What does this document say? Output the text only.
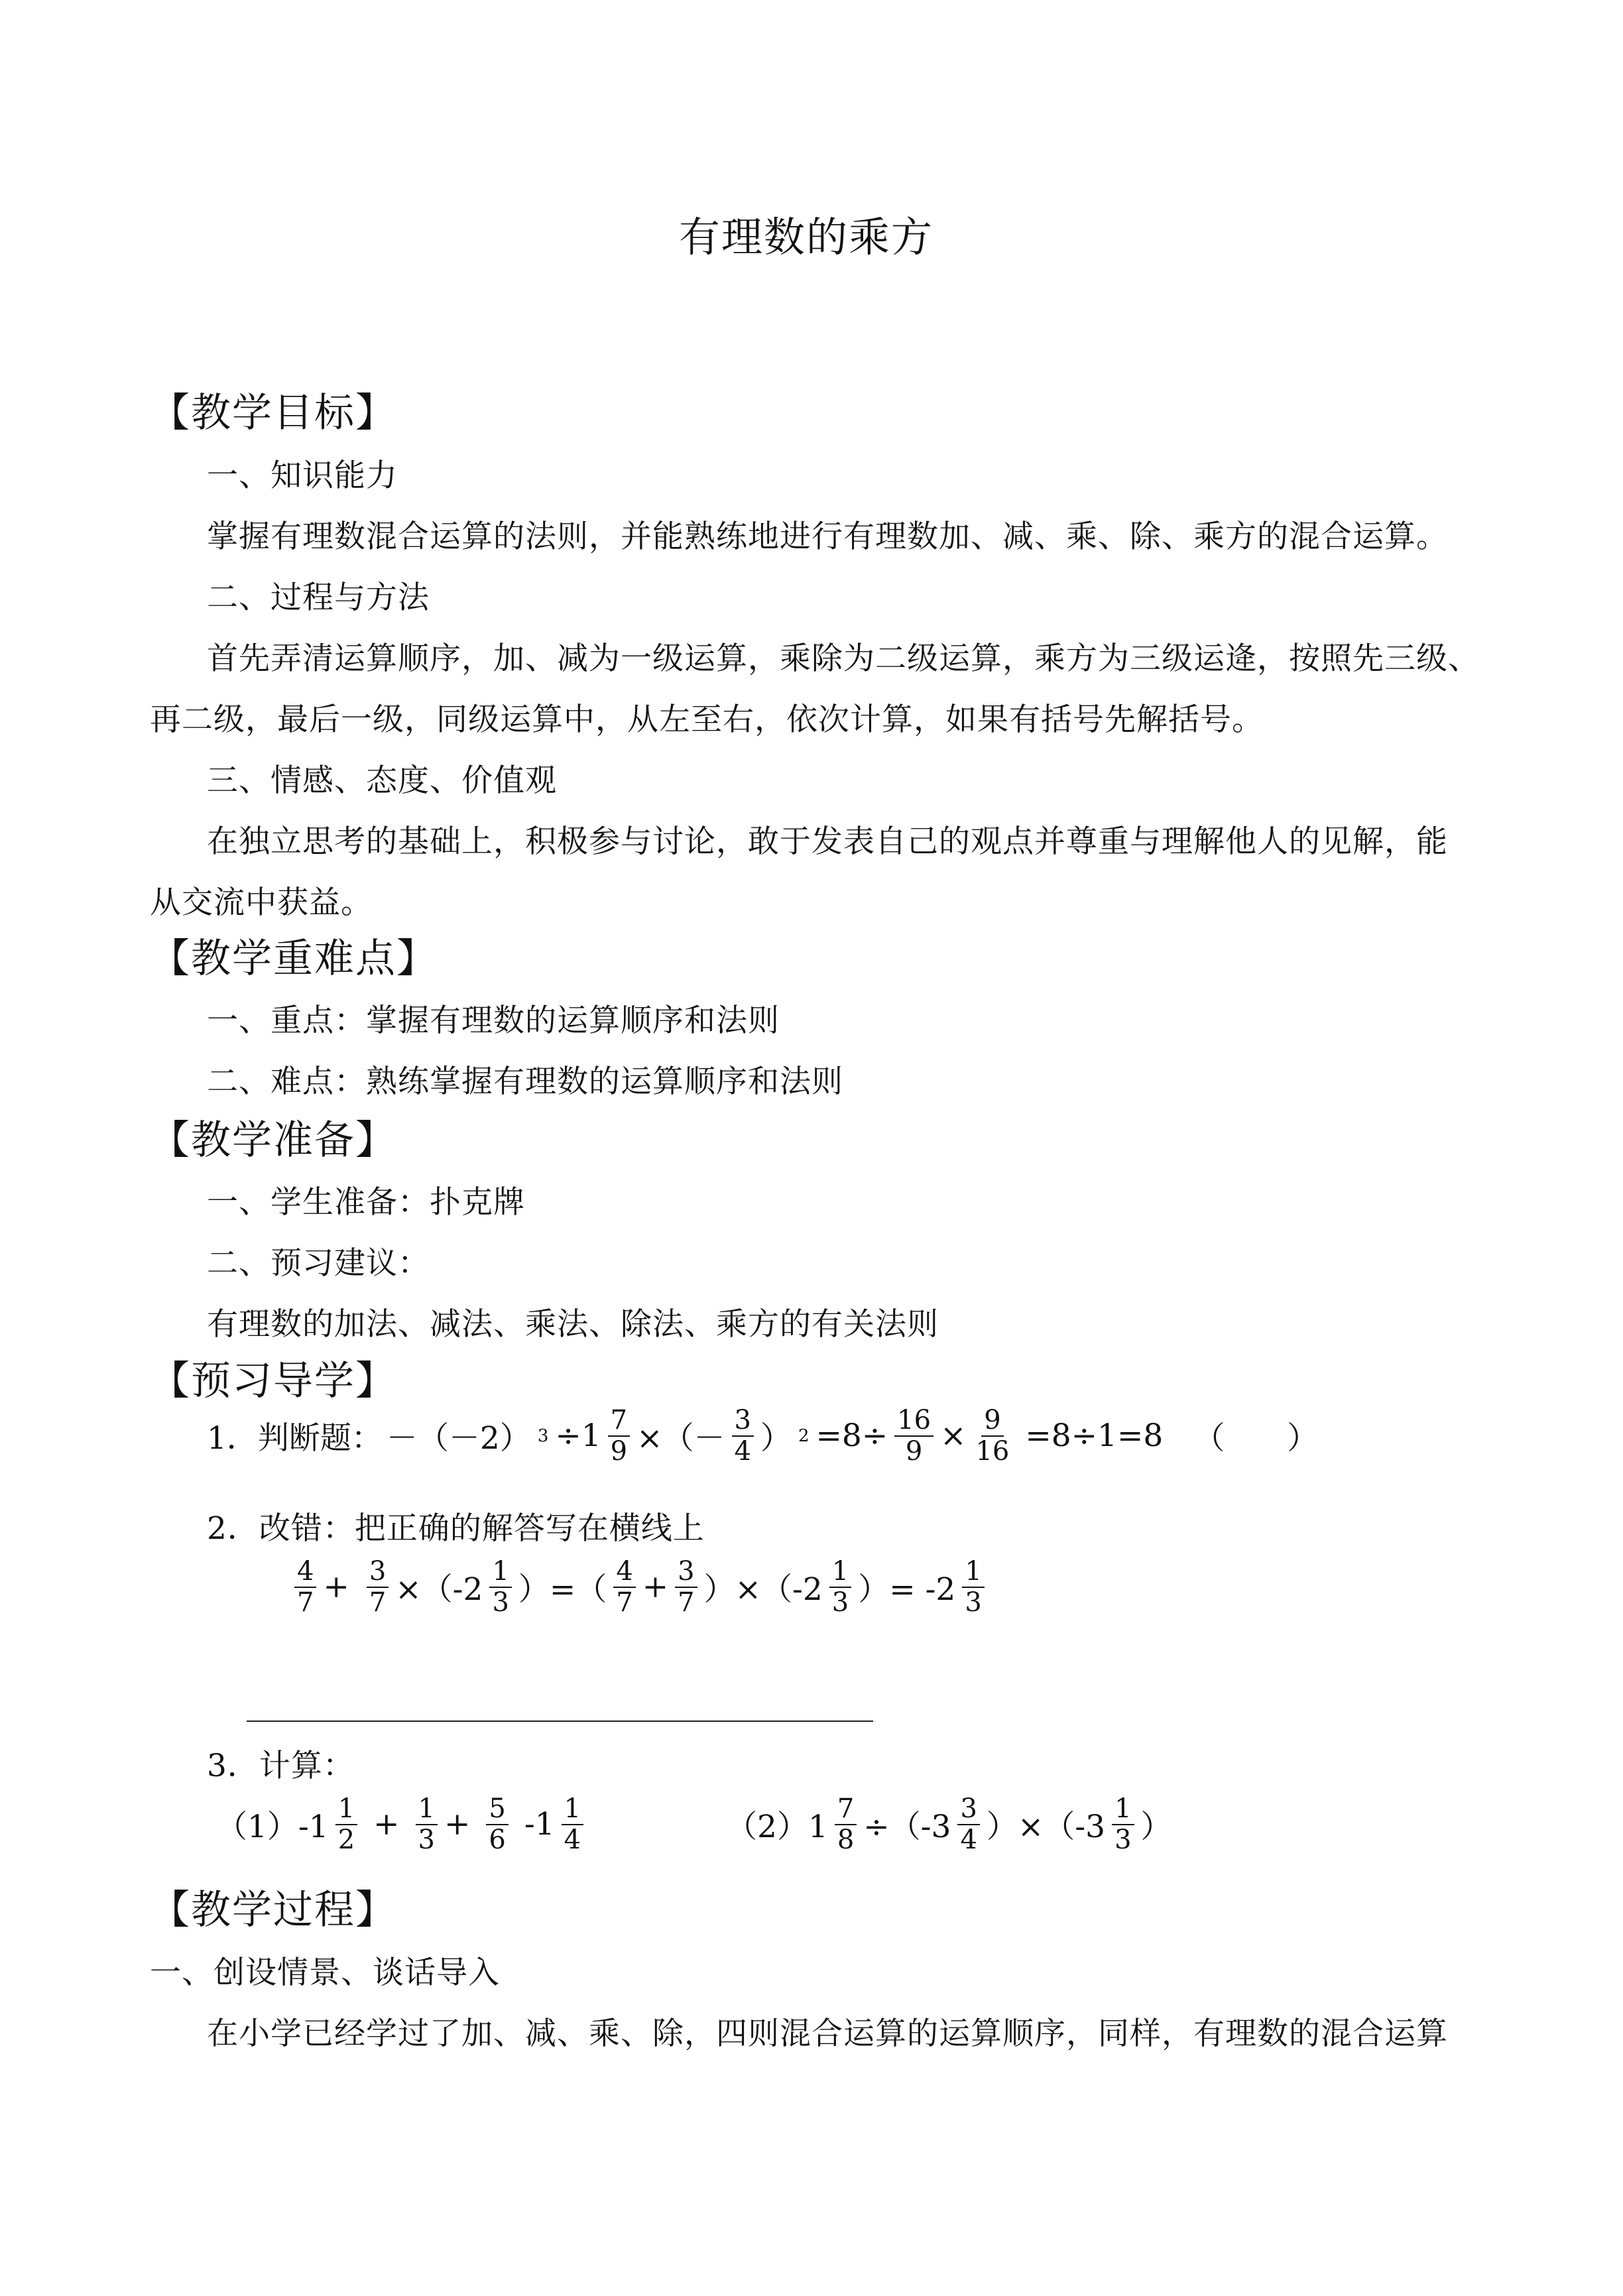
有理数的乘方
【教学目标】
一、知识能力
掌握有理数混合运算的法则，并能熟练地进行有理数加、减、乘、除、乘方的混合运算。
二、过程与方法
首先弄清运算顺序，加、减为一级运算，乘除为二级运算，乘方为三级运逄，按照先三级、
再二级，最后一级，同级运算中，从左至右，依次计算，如果有括号先解括号。
三、情感、态度、价值观
在独立思考的基础上，积极参与讨论，敢于发表自己的观点并尊重与理解他人的见解，能
从交流中获益。
【教学重难点】
一、重点：掌握有理数的运算顺序和法则
二、难点：熟练掌握有理数的运算顺序和法则
【教学准备】
一、学生准备：扑克牌
二、预习建议：
有理数的加法、减法、乘法、除法、乘方的有关法则
【预习导学】
1．判断题： －（－2） $3 \div 1 \frac{7}{9}$ ×（－ $\frac{3}{4}$ ） $2 =8\div \frac{16}{9} \times \frac{9}{16} =8\div 1=8$ （　　）
2．改错：把正确的解答写在横线上
$\frac{4}{7} + \frac{3}{7} \times(-2 \frac{1}{3}$ ）=（ $\frac{4}{7} + \frac{3}{7} )\times(-2 \frac{1}{3}$ ）= $-2 \frac{1}{3}$
3．计算：
$(1)-1 \frac{1}{2} + \frac{1}{3} + \frac{5}{6} -1 \frac{1}{4}$	$(2)1 \frac{7}{8} \div(-3 \frac{3}{4} )\times(-3 \frac{1}{3}$ ）
【教学过程】
一、创设情景、谈话导入
在小学已经学过了加、减、乘、除，四则混合运算的运算顺序，同样，有理数的混合运算
